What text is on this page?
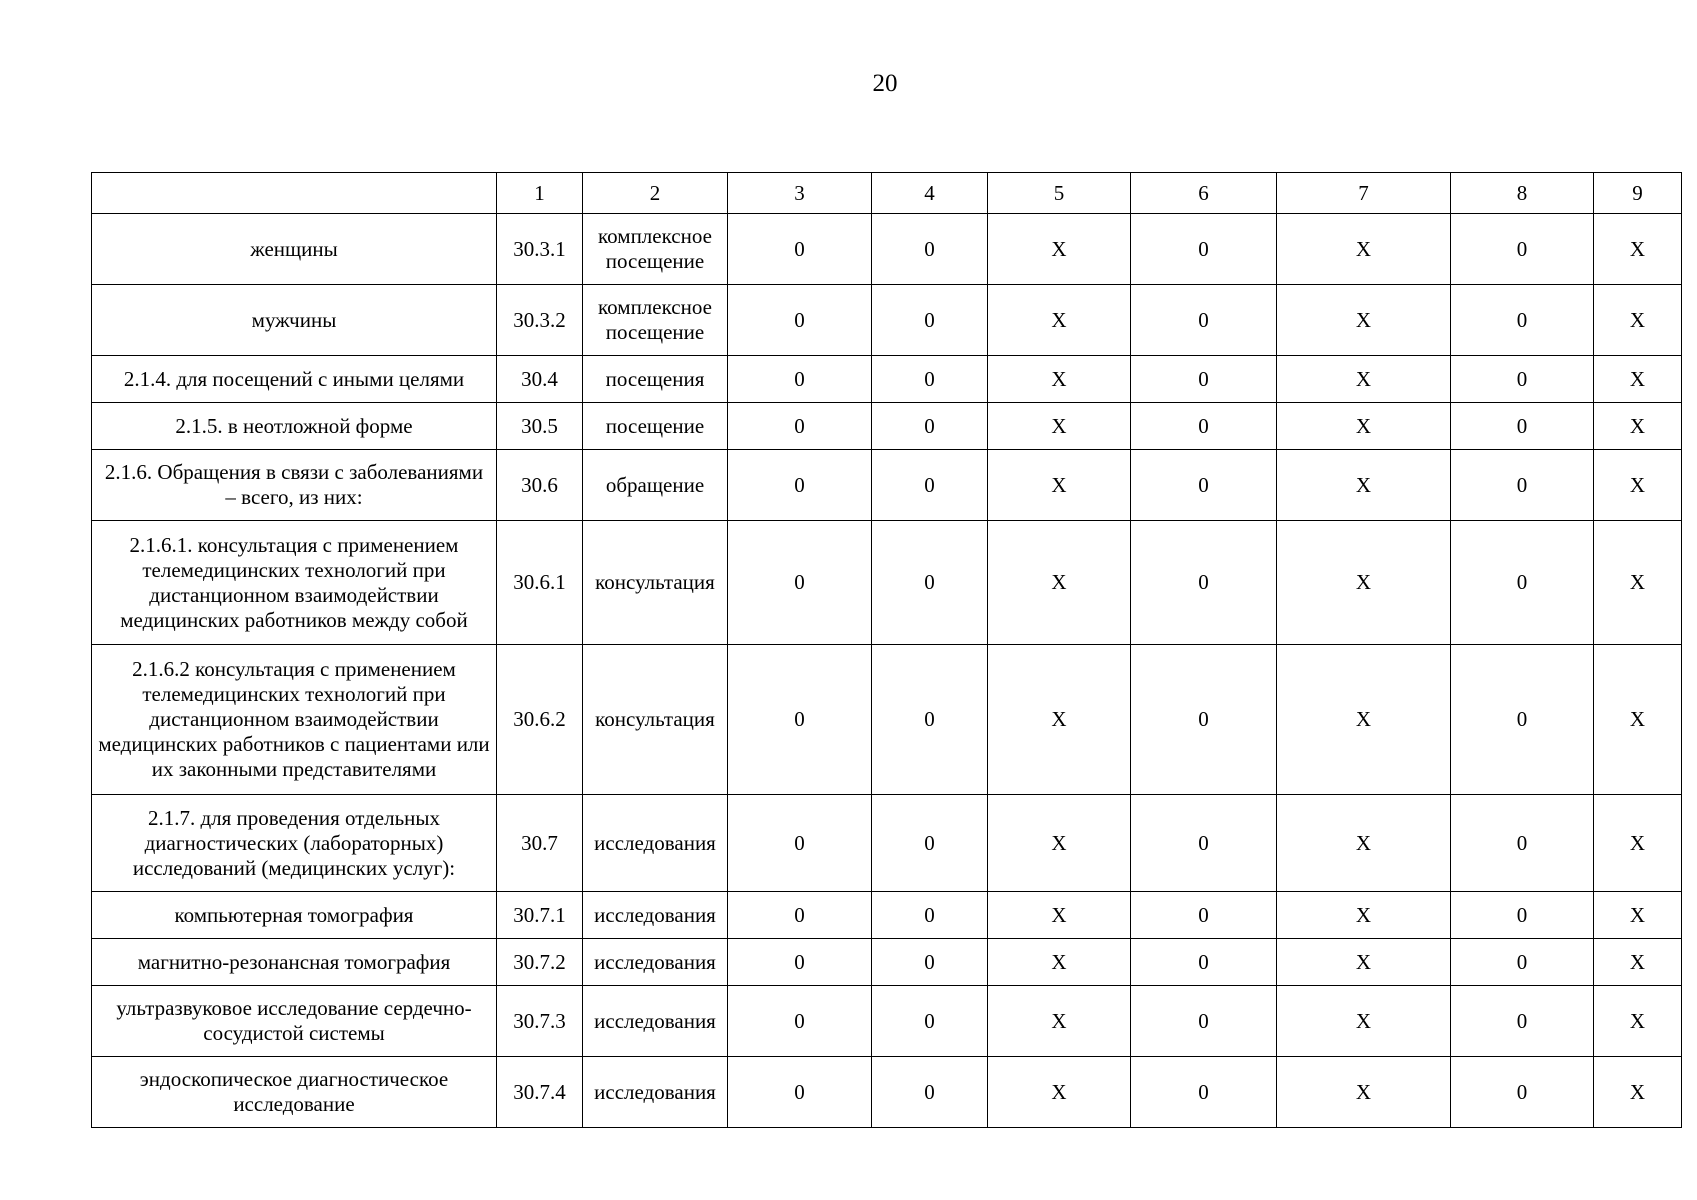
20
	1	2	3	4	5	6	7	8	9
женщины	30.3.1	комплексное посещение	0	0	Х	0	Х	0	Х
мужчины	30.3.2	комплексное посещение	0	0	Х	0	Х	0	Х
2.1.4. для посещений с иными целями	30.4	посещения	0	0	Х	0	Х	0	Х
2.1.5. в неотложной форме	30.5	посещение	0	0	Х	0	Х	0	Х
2.1.6. Обращения в связи с заболеваниями – всего, из них:	30.6	обращение	0	0	Х	0	Х	0	Х
2.1.6.1. консультация с применением телемедицинских технологий при дистанционном взаимодействии медицинских работников между собой	30.6.1	консультация	0	0	Х	0	Х	0	Х
2.1.6.2 консультация с применением телемедицинских технологий при дистанционном взаимодействии медицинских работников с пациентами или их законными представителями	30.6.2	консультация	0	0	Х	0	Х	0	Х
2.1.7. для проведения отдельных диагностических (лабораторных) исследований (медицинских услуг):	30.7	исследования	0	0	Х	0	Х	0	Х
компьютерная томография	30.7.1	исследования	0	0	Х	0	Х	0	Х
магнитно-резонансная томография	30.7.2	исследования	0	0	Х	0	Х	0	Х
ультразвуковое исследование сердечно-сосудистой системы	30.7.3	исследования	0	0	Х	0	Х	0	Х
эндоскопическое диагностическое исследование	30.7.4	исследования	0	0	Х	0	Х	0	Х
